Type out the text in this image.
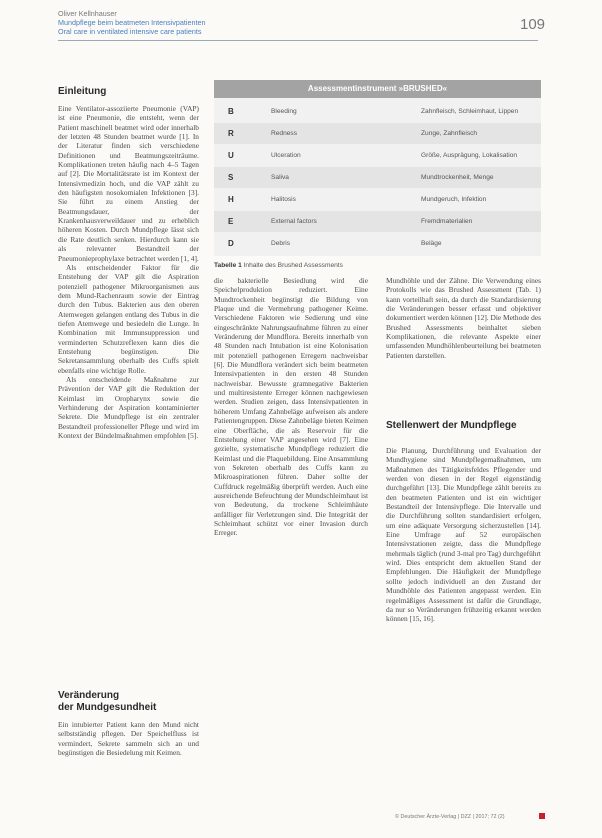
Oliver Kellnhauser
Mundpflege beim beatmeten Intensivpatienten
Oral care in ventilated intensive care patients	109
Einleitung

Eine Ventilator-assoziierte Pneumonie (VAP) ist eine Pneumonie, die entsteht, wenn der Patient maschinell beatmet wird oder innerhalb der letzten 48 Stunden beatmet wurde [1]. In der Literatur finden sich verschiedene Definitionen und Beatmungszeiträume. Komplikationen treten häufig nach 4–5 Tagen auf [2]. Die Mortalitätsrate ist im Kontext der Intensivmedizin hoch, und die VAP zählt zu den häufigsten nosokomialen Infektionen [3]. Sie führt zu einem Anstieg der Beatmungsdauer, der Krankenhausverweildauer und zu erheblich höheren Kosten. Durch Mundpflege lässt sich die Rate deutlich senken. Hierdurch kann sie als relevanter Bestandteil der Pneumonieprophylaxe betrachtet werden [1, 4].

Als entscheidender Faktor für die Entstehung der VAP gilt die Aspiration potenziell pathogener Mikroorganismen aus dem Mund-Rachenraum sowie der Eintrag durch den Tubus. Bakterien aus den oberen Atemwegen gelangen entlang des Tubus in die tiefen Atemwege und besiedeln die Lunge. In Kombination mit Immunsuppression und verminderten Schutzreflexen kann dies die Entstehung begünstigen. Die Sekretansammlung oberhalb des Cuffs spielt ebenfalls eine wichtige Rolle.

Als entscheidende Maßnahme zur Prävention der VAP gilt die Reduktion der Keimlast im Oropharynx sowie die Verhinderung der Aspiration kontaminierter Sekrete. Die Mundpflege ist ein zentraler Bestandteil professioneller Pflege und wird im Kontext der Bündelmaßnahmen empfohlen [5].

Veränderung
der Mundgesundheit

Ein intubierter Patient kann den Mund nicht selbstständig pflegen. Der Speichelfluss ist vermindert, Sekrete sammeln sich an und begünstigen die Besiedelung mit Keimen.

Assessmentinstrument »BRUSHED«
B	Bleeding	Zahnfleisch, Schleimhaut, Lippen
R	Redness	Zunge, Zahnfleisch
U	Ulceration	Größe, Ausprägung, Lokalisation
S	Saliva	Mundtrockenheit, Menge
H	Halitosis	Mundgeruch, Infektion
E	External factors	Fremdmaterialien
D	Debris	Beläge
Tabelle 1 Inhalte des Brushed Assessments

die bakterielle Besiedlung wird die Speichelproduktion reduziert. Eine Mundtrockenheit begünstigt die Bildung von Plaque und die Vermehrung pathogener Keime. Verschiedene Faktoren wie Sedierung und eine eingeschränkte Nahrungsaufnahme führen zu einer Veränderung der Mundflora. Bereits innerhalb von 48 Stunden nach Intubation ist eine Kolonisation mit potenziell pathogenen Erregern nachweisbar [6]. Die Mundflora verändert sich beim beatmeten Intensivpatienten in den ersten 48 Stunden nachweisbar. Bewusste gramnegative Bakterien und multiresistente Erreger können nachgewiesen werden. Studien zeigen, dass Intensivpatienten in höherem Umfang Zahnbeläge aufweisen als andere Patientengruppen. Diese Zahnbeläge bieten Keimen eine Oberfläche, die als Reservoir für die Entstehung einer VAP angesehen wird [7]. Eine gezielte, systematische Mundpflege reduziert die Keimlast und die Plaquebildung. Eine Ansammlung von Sekreten oberhalb des Cuffs kann zu Mikroaspirationen führen. Daher sollte der Cuffdruck regelmäßig überprüft werden. Auch eine ausreichende Befeuchtung der Mundschleimhaut ist von Bedeutung, da trockene Schleimhäute anfälliger für Verletzungen sind. Die Integrität der Schleimhaut schützt vor einer Invasion durch Erreger.

Mundhöhle und der Zähne. Die Verwendung eines Protokolls wie das Brushed Assessment (Tab. 1) kann vorteilhaft sein, da durch die Standardisierung die Veränderungen besser erfasst und objektiver dokumentiert werden können [12]. Die Methode des Brushed Assessments beinhaltet sieben Komplikationen, die relevante Aspekte einer umfassenden Mundhöhlenbeurteilung bei beatmeten Patienten darstellen.

Stellenwert der Mundpflege

Die Planung, Durchführung und Evaluation der Mundhygiene sind Mundpflegemaßnahmen, um Maßnahmen des Tätigkeitsfeldes Pflegender und werden von diesen in der Regel eigenständig durchgeführt [13]. Die Mundpflege zählt bereits zu den beatmeten Patienten und ist ein wichtiger Bestandteil der Intensivpflege. Die Intervalle und die Durchführung sollten standardisiert erfolgen, um eine adäquate Versorgung sicherzustellen [14]. Eine Umfrage auf 52 europäischen Intensivstationen zeigte, dass die Mundpflege mehrmals täglich (rund 3-mal pro Tag) durchgeführt wird. Dies entspricht dem aktuellen Stand der Empfehlungen. Die Häufigkeit der Mundpflege sollte jedoch individuell an den Zustand der Mundhöhle des Patienten angepasst werden. Ein regelmäßiges Assessment ist dafür die Grundlage, da nur so Veränderungen frühzeitig erkannt werden können [15, 16].

© Deutscher Ärzte-Verlag | DZZ | 2017; 72 (2)
